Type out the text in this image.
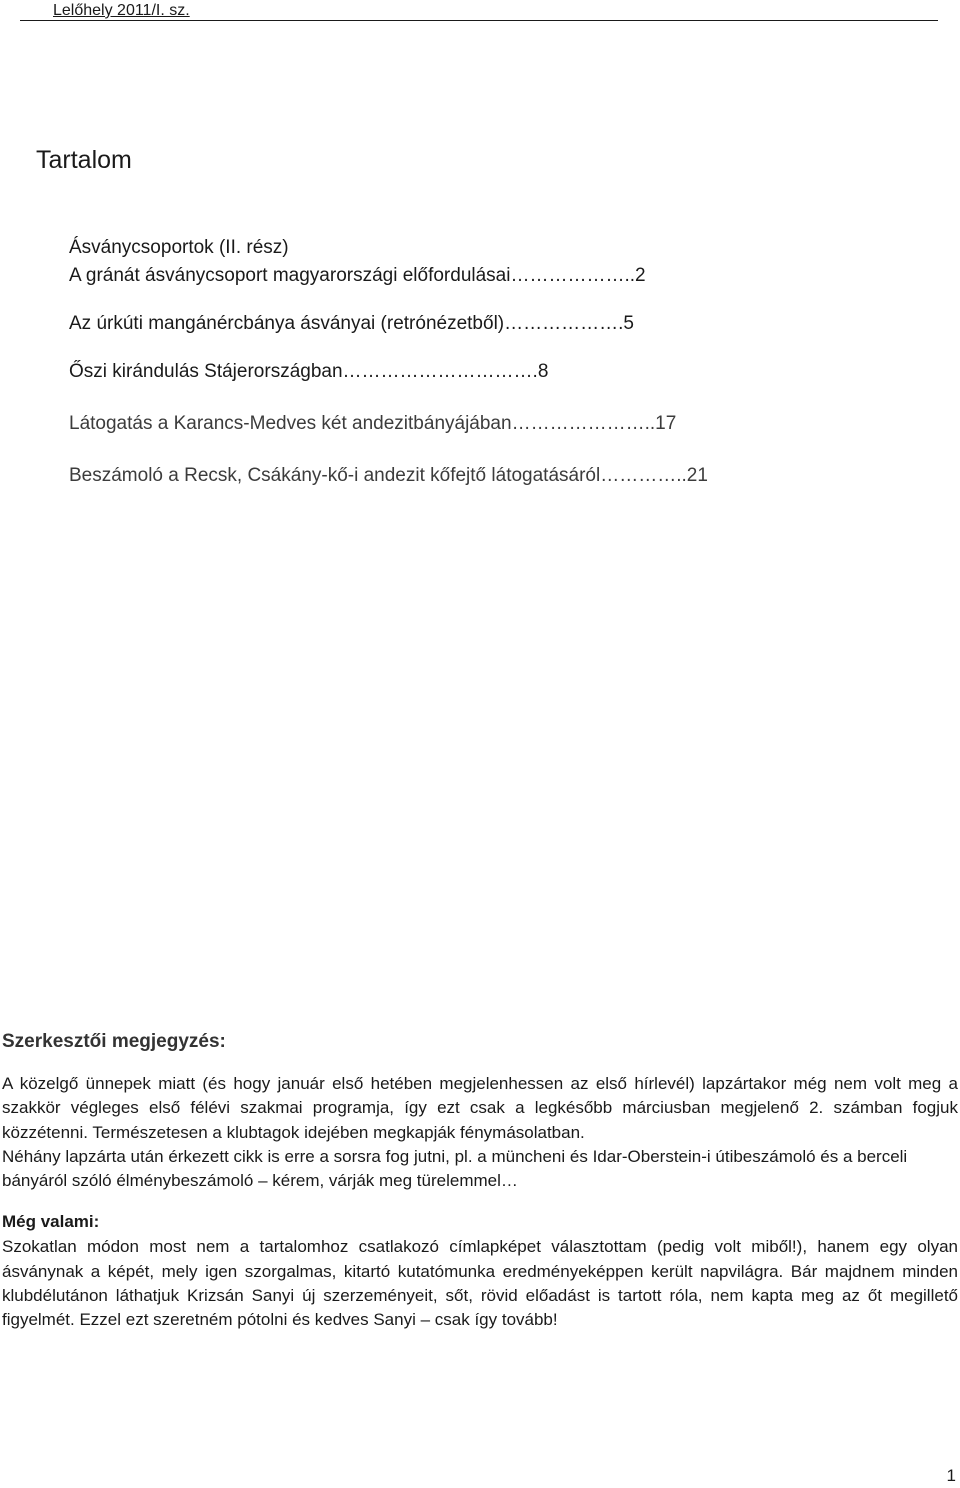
Lelőhely 2011/I. sz.
Tartalom

Ásványcsoportok (II. rész)

A gránát ásványcsoport magyarországi előfordulásai………………..2

Az úrkúti mangánércbánya ásványai (retrónézetből)……………….5

Őszi kirándulás Stájerországban………………………….8

Látogatás a Karancs-Medves két andezitbányájában…………………..17

Beszámoló a Recsk, Csákány-kő-i andezit kőfejtő látogatásáról…………..21

Szerkesztői megjegyzés:

A közelgő ünnepek miatt (és hogy január első hetében megjelenhessen az első hírlevél) lapzártakor még nem volt meg a szakkör végleges első félévi szakmai programja, így ezt csak a legkésőbb márciusban megjelenő 2. számban fogjuk közzétenni. Természetesen a klubtagok idejében megkapják fénymásolatban.

Néhány lapzárta után érkezett cikk is erre a sorsra fog jutni, pl. a müncheni és Idar-Oberstein-i útibeszámoló és a berceli bányáról szóló élménybeszámoló – kérem, várják meg türelemmel…

Még valami:

Szokatlan módon most nem a tartalomhoz csatlakozó címlapképet választottam (pedig volt miből!), hanem egy olyan ásványnak a képét, mely igen szorgalmas, kitartó kutatómunka eredményeképpen került napvilágra. Bár majdnem minden klubdélutánon láthatjuk Krizsán Sanyi új szerzeményeit, sőt, rövid előadást is tartott róla, nem kapta meg az őt megillető figyelmét. Ezzel ezt szeretném pótolni és kedves Sanyi – csak így tovább!

1
